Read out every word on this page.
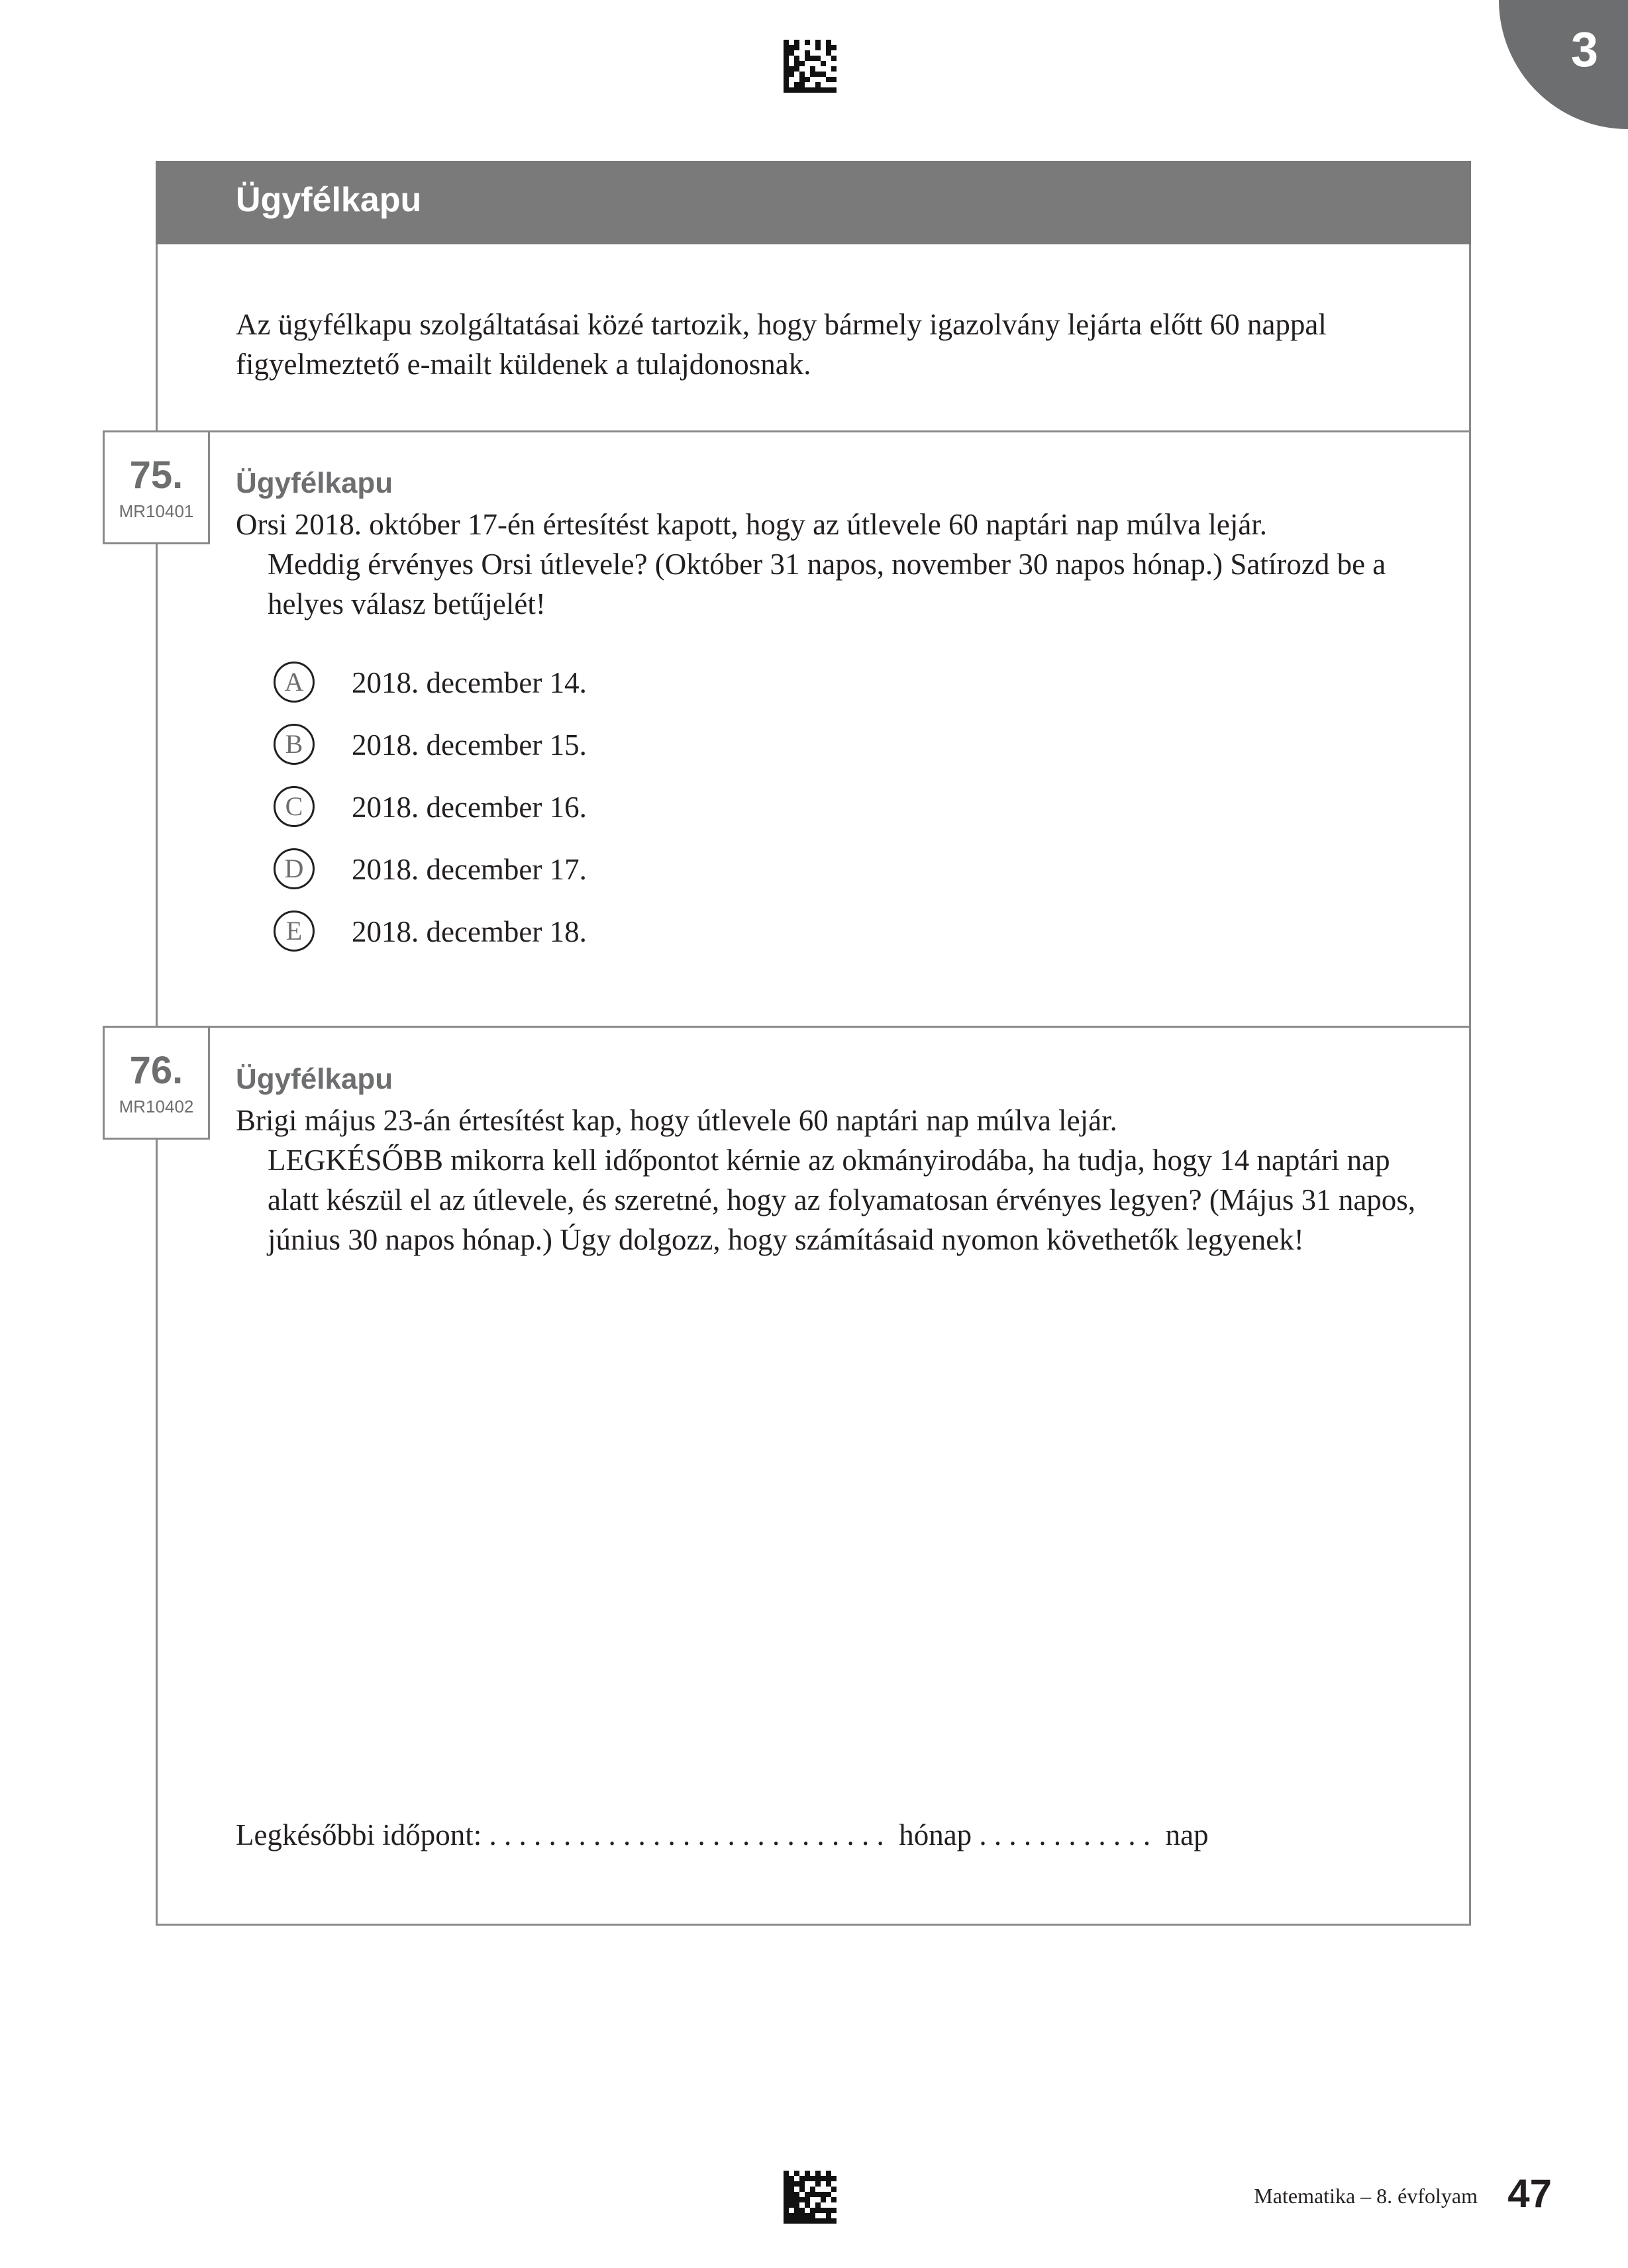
3
Ügyfélkapu
Az ügyfélkapu szolgáltatásai közé tartozik, hogy bármely igazolvány lejárta előtt 60 nappal figyelmeztető e-mailt küldenek a tulajdonosnak.
75.
MR10401
Ügyfélkapu
Orsi 2018. október 17-én értesítést kapott, hogy az útlevele 60 naptári nap múlva lejár.
Meddig érvényes Orsi útlevele? (Október 31 napos, november 30 napos hónap.) Satírozd be a helyes válasz betűjelét!
A	2018. december 14.
B	2018. december 15.
C	2018. december 16.
D	2018. december 17.
E	2018. december 18.
76.
MR10402
Ügyfélkapu
Brigi május 23-án értesítést kap, hogy útlevele 60 naptári nap múlva lejár.
LEGKÉSŐBB mikorra kell időpontot kérnie az okmányirodába, ha tudja, hogy 14 naptári nap alatt készül el az útlevele, és szeretné, hogy az folyamatosan érvényes legyen? (Május 31 napos, június 30 napos hónap.) Úgy dolgozz, hogy számításaid nyomon követhetők legyenek!
Legkésőbbi időpont: . . . . . . . . . . . . . . . . . . . . . . . . . . .  hónap . . . . . . . . . . . .  nap
Matematika – 8. évfolyam 47
